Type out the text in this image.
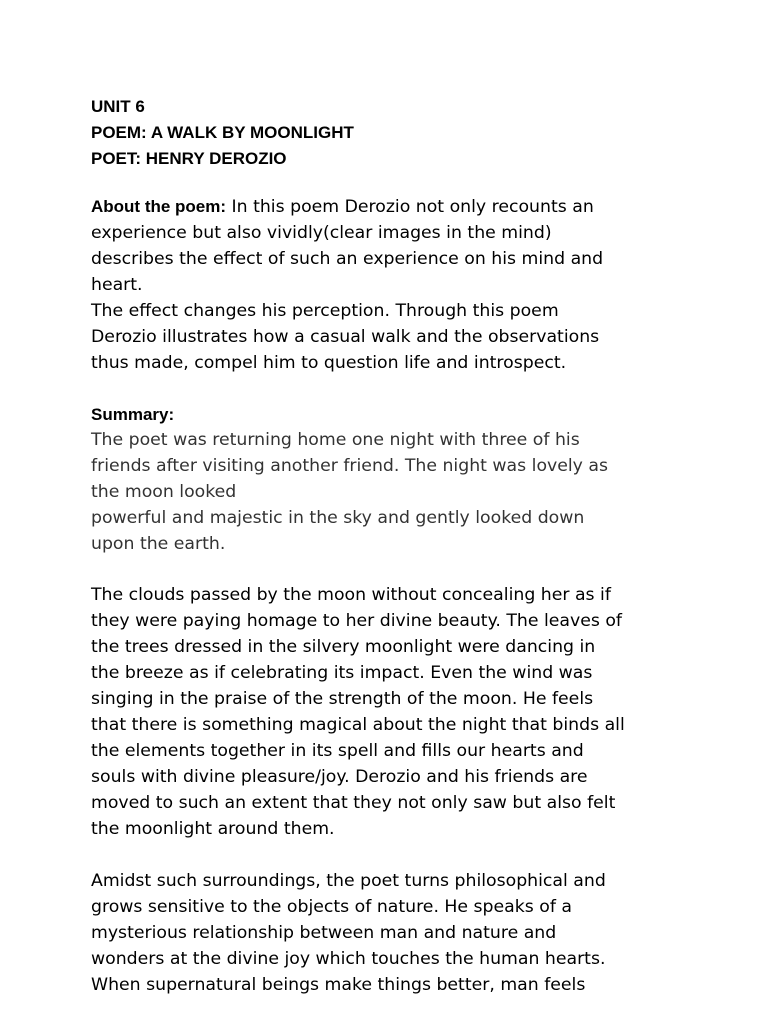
UNIT 6
POEM: A WALK BY MOONLIGHT
POET: HENRY DEROZIO
About the poem: In this poem Derozio not only recounts an
experience but also vividly(clear images in the mind)
describes the effect of such an experience on his mind and
heart.
The effect changes his perception. Through this poem
Derozio illustrates how a casual walk and the observations
thus made, compel him to question life and introspect.
Summary:
The poet was returning home one night with three of his
friends after visiting another friend. The night was lovely as
the moon looked
powerful and majestic in the sky and gently looked down
upon the earth.
The clouds passed by the moon without concealing her as if
they were paying homage to her divine beauty. The leaves of
the trees dressed in the silvery moonlight were dancing in
the breeze as if celebrating its impact. Even the wind was
singing in the praise of the strength of the moon. He feels
that there is something magical about the night that binds all
the elements together in its spell and fills our hearts and
souls with divine pleasure/joy. Derozio and his friends are
moved to such an extent that they not only saw but also felt
the moonlight around them.
Amidst such surroundings, the poet turns philosophical and
grows sensitive to the objects of nature. He speaks of a
mysterious relationship between man and nature and
wonders at the divine joy which touches the human hearts.
When supernatural beings make things better, man feels
